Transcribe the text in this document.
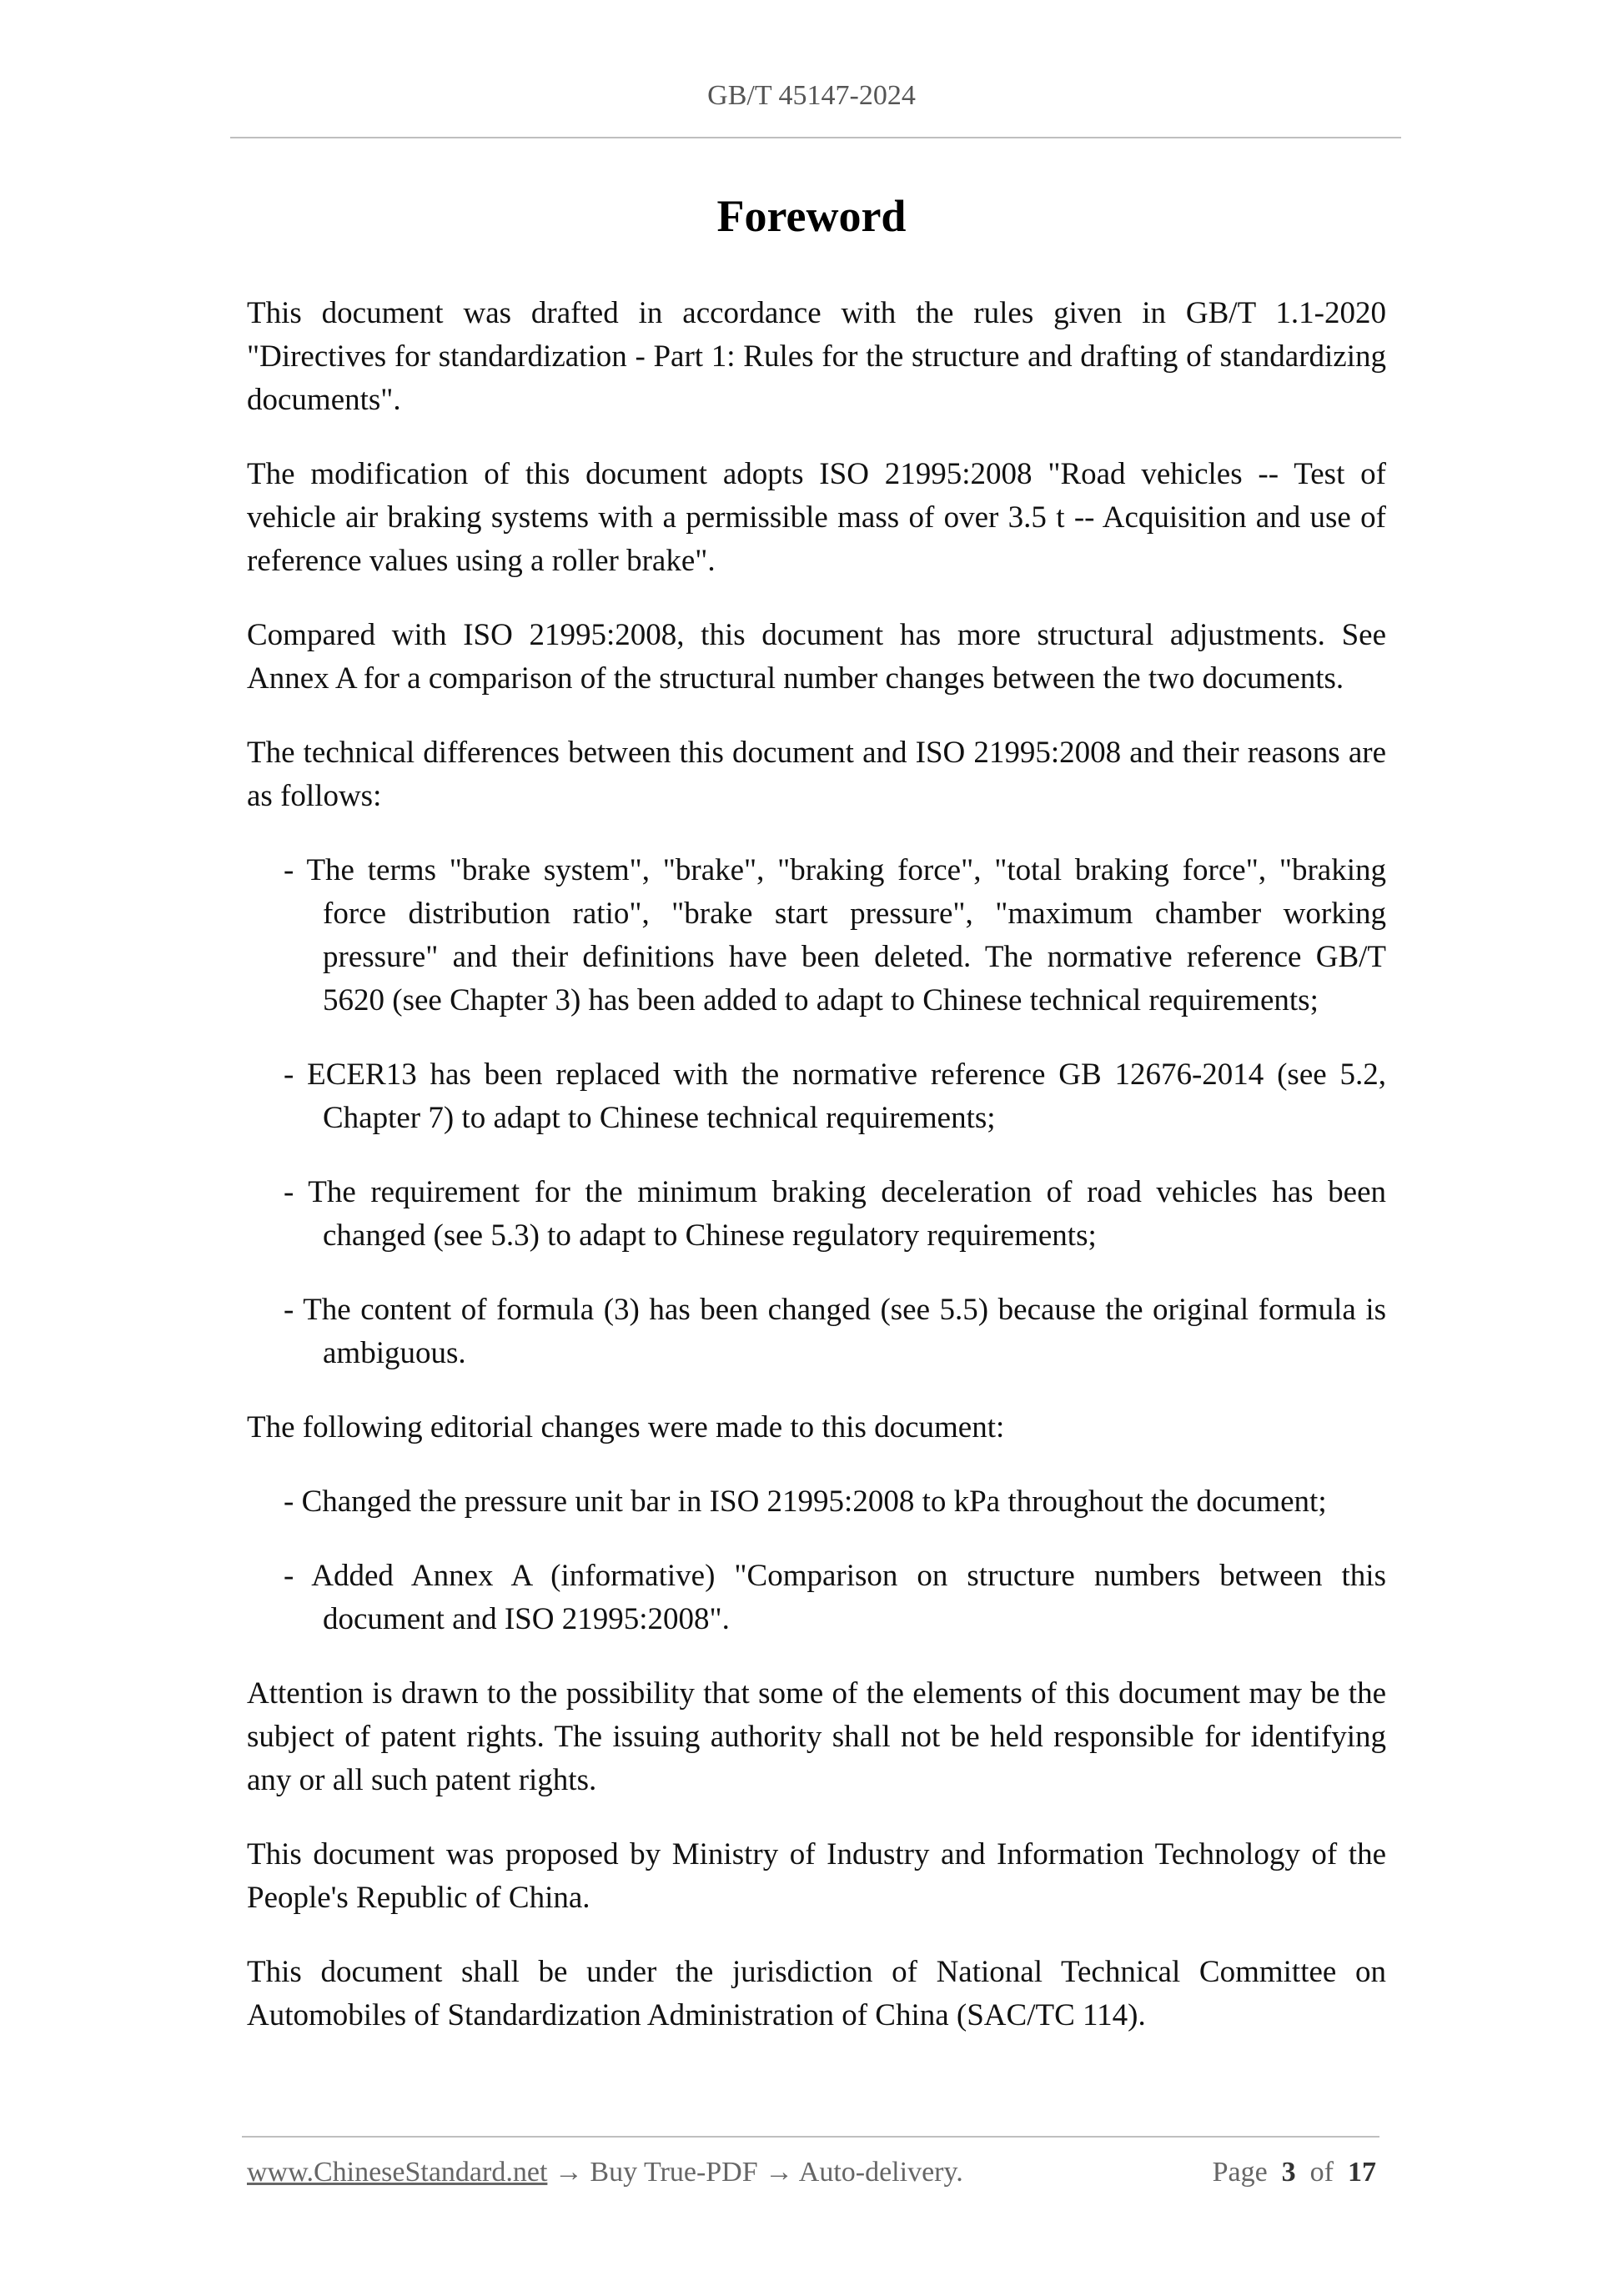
GB/T 45147-2024
Foreword

This document was drafted in accordance with the rules given in GB/T 1.1-2020 "Directives for standardization - Part 1: Rules for the structure and drafting of standardizing documents".

The modification of this document adopts ISO 21995:2008 "Road vehicles -- Test of vehicle air braking systems with a permissible mass of over 3.5 t -- Acquisition and use of reference values using a roller brake".

Compared with ISO 21995:2008, this document has more structural adjustments. See Annex A for a comparison of the structural number changes between the two documents.

The technical differences between this document and ISO 21995:2008 and their reasons are as follows:

- The terms "brake system", "brake", "braking force", "total braking force", "braking force distribution ratio", "brake start pressure", "maximum chamber working pressure" and their definitions have been deleted. The normative reference GB/T 5620 (see Chapter 3) has been added to adapt to Chinese technical requirements;
- ECER13 has been replaced with the normative reference GB 12676-2014 (see 5.2, Chapter 7) to adapt to Chinese technical requirements;
- The requirement for the minimum braking deceleration of road vehicles has been changed (see 5.3) to adapt to Chinese regulatory requirements;
- The content of formula (3) has been changed (see 5.5) because the original formula is ambiguous.

The following editorial changes were made to this document:

- Changed the pressure unit bar in ISO 21995:2008 to kPa throughout the document;
- Added Annex A (informative) "Comparison on structure numbers between this document and ISO 21995:2008".

Attention is drawn to the possibility that some of the elements of this document may be the subject of patent rights. The issuing authority shall not be held responsible for identifying any or all such patent rights.

This document was proposed by Ministry of Industry and Information Technology of the People's Republic of China.

This document shall be under the jurisdiction of National Technical Committee on Automobiles of Standardization Administration of China (SAC/TC 114).

www.ChineseStandard.net → Buy True-PDF → Auto-delivery.	Page 3 of 17
